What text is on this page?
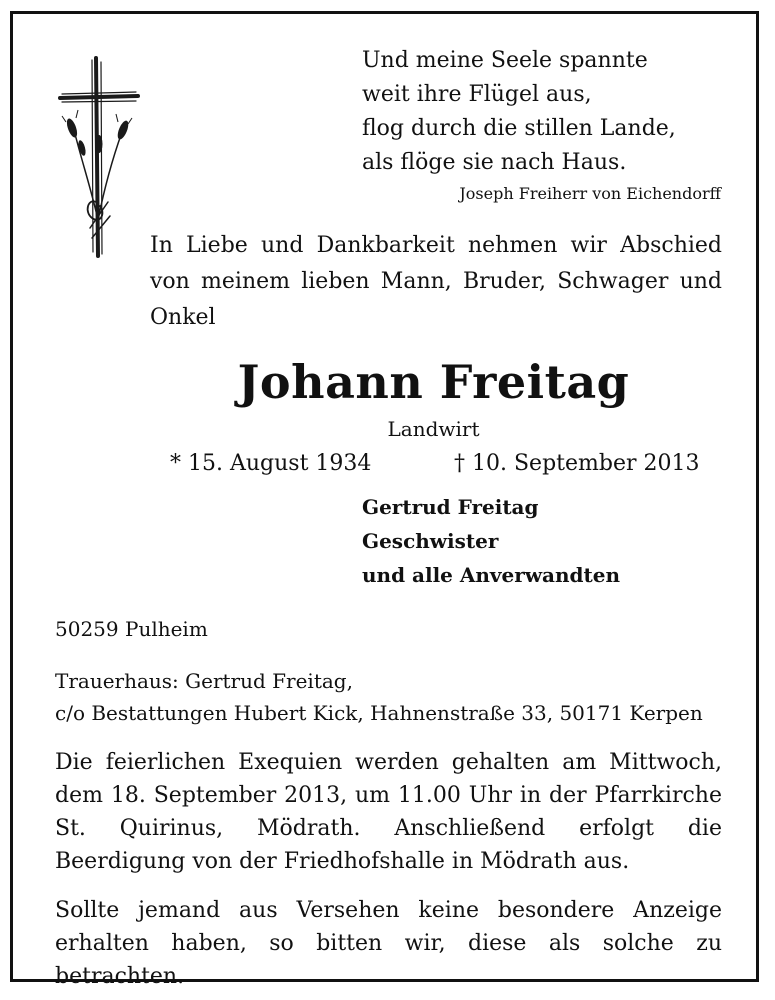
Und meine Seele spannte
weit ihre Flügel aus,
flog durch die stillen Lande,
als flöge sie nach Haus.
Joseph Freiherr von Eichendorff
In Liebe und Dankbarkeit nehmen wir Abschied von meinem lieben Mann, Bruder, Schwager und Onkel
Johann Freitag
Landwirt
* 15. August 1934	† 10. September 2013
Gertrud Freitag
Geschwister
und alle Anverwandten
50259 Pulheim
Trauerhaus: Gertrud Freitag,
c/o Bestattungen Hubert Kick, Hahnenstraße 33, 50171 Kerpen
Die feierlichen Exequien werden gehalten am Mittwoch, dem 18. September 2013, um 11.00 Uhr in der Pfarrkirche St. Quirinus, Mödrath. Anschließend erfolgt die Beerdigung von der Friedhofshalle in Mödrath aus.
Sollte jemand aus Versehen keine besondere Anzeige erhalten haben, so bitten wir, diese als solche zu betrachten.
